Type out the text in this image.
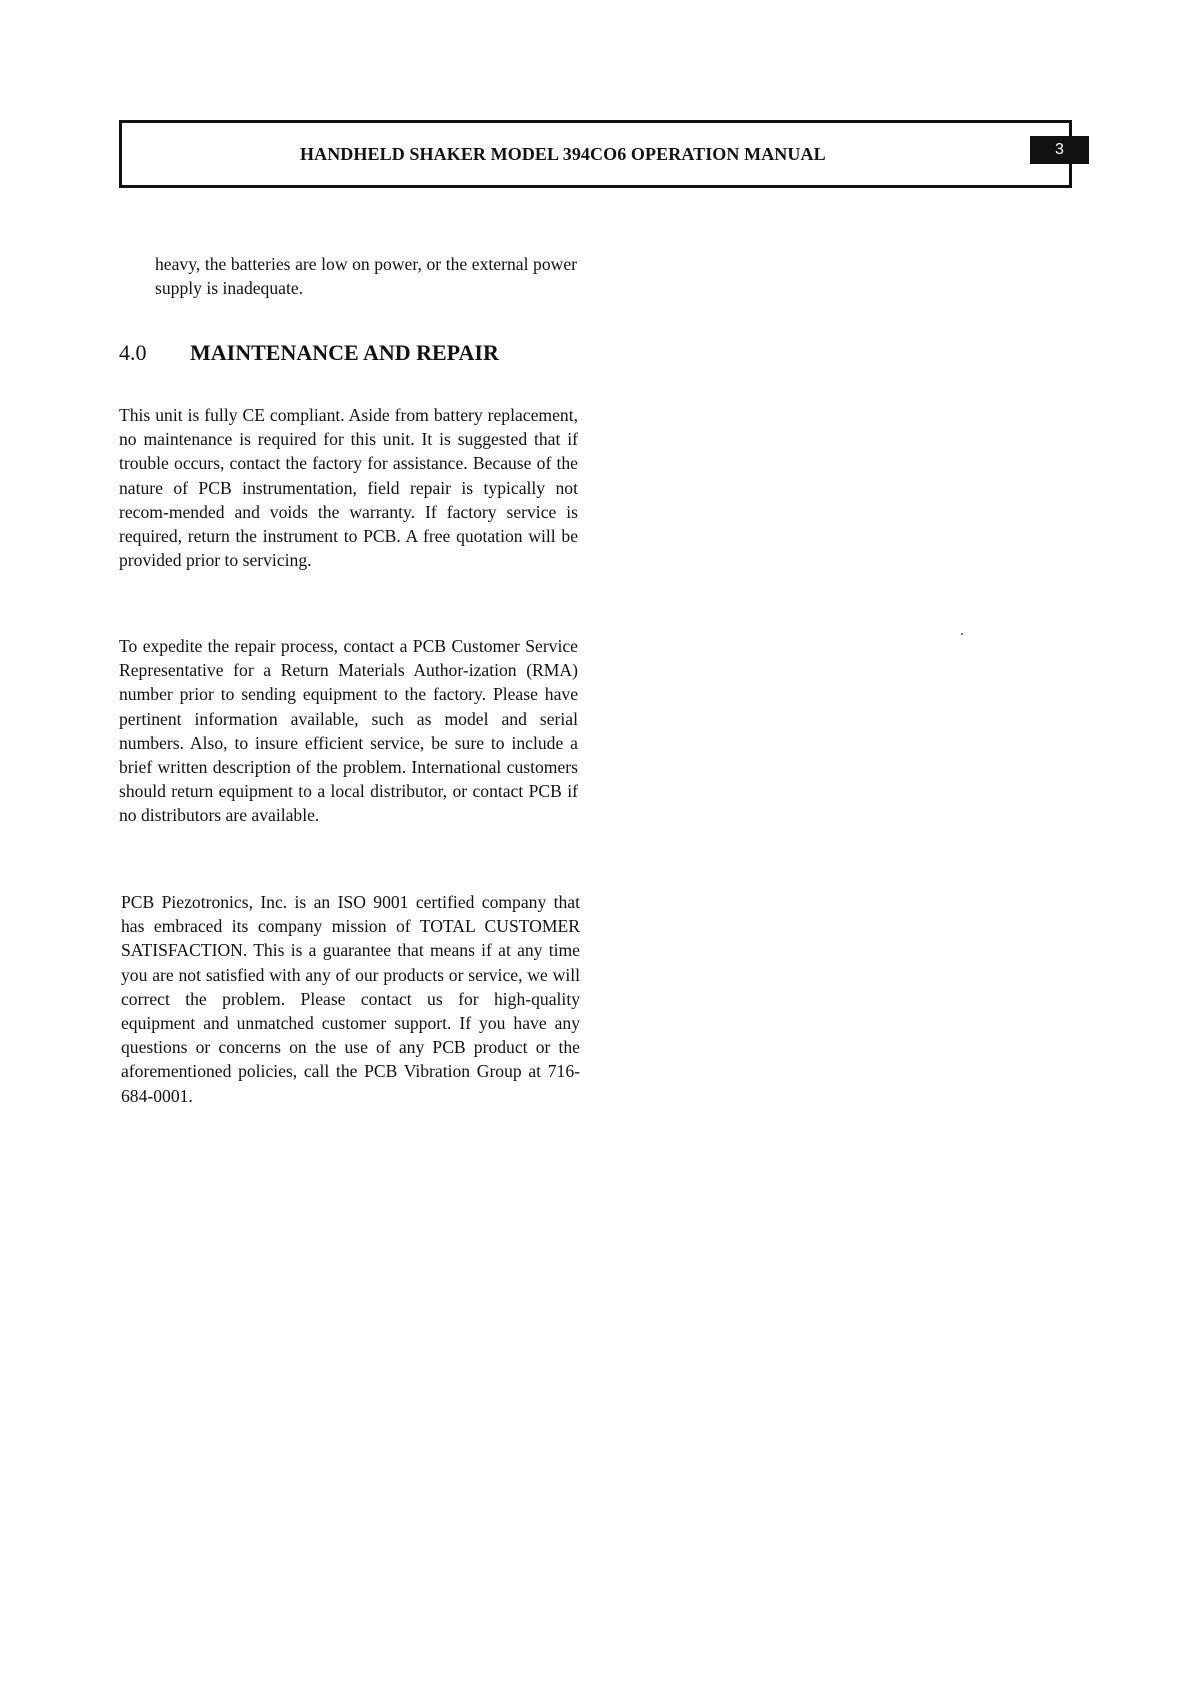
HANDHELD SHAKER MODEL 394CO6 OPERATION MANUAL	3
heavy, the batteries are low on power, or the external power supply is inadequate.
4.0 MAINTENANCE AND REPAIR
This unit is fully CE compliant. Aside from battery replacement, no maintenance is required for this unit. It is suggested that if trouble occurs, contact the factory for assistance. Because of the nature of PCB instrumentation, field repair is typically not recom-mended and voids the warranty. If factory service is required, return the instrument to PCB. A free quotation will be provided prior to servicing.
To expedite the repair process, contact a PCB Customer Service Representative for a Return Materials Author-ization (RMA) number prior to sending equipment to the factory. Please have pertinent information available, such as model and serial numbers. Also, to insure efficient service, be sure to include a brief written description of the problem. International customers should return equipment to a local distributor, or contact PCB if no distributors are available.
PCB Piezotronics, Inc. is an ISO 9001 certified company that has embraced its company mission of TOTAL CUSTOMER SATISFACTION. This is a guarantee that means if at any time you are not satisfied with any of our products or service, we will correct the problem. Please contact us for high-quality equipment and unmatched customer support. If you have any questions or concerns on the use of any PCB product or the aforementioned policies, call the PCB Vibration Group at 716-684-0001.
